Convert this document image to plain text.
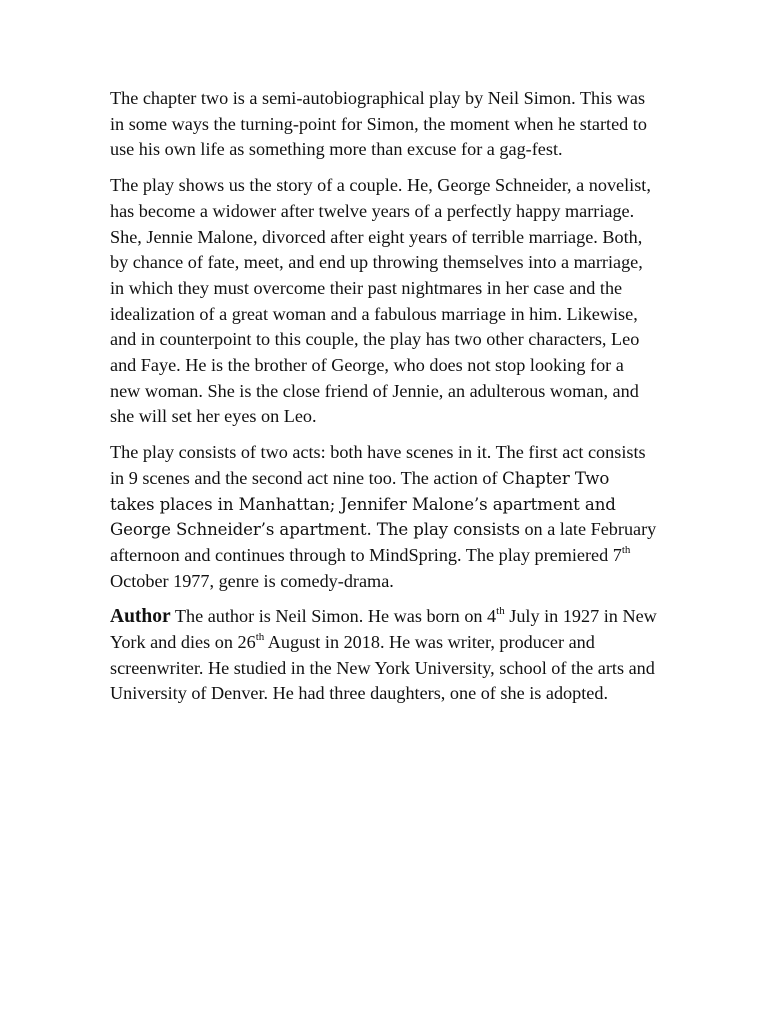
The chapter two is a semi-autobiographical play by Neil Simon. This was in some ways the turning-point for Simon, the moment when he started to use his own life as something more than excuse for a gag-fest.

The play shows us the story of a couple. He, George Schneider, a novelist, has become a widower after twelve years of a perfectly happy marriage. She, Jennie Malone, divorced after eight years of terrible marriage. Both, by chance of fate, meet, and end up throwing themselves into a marriage, in which they must overcome their past nightmares in her case and the idealization of a great woman and a fabulous marriage in him. Likewise, and in counterpoint to this couple, the play has two other characters, Leo and Faye. He is the brother of George, who does not stop looking for a new woman. She is the close friend of Jennie, an adulterous woman, and she will set her eyes on Leo.

The play consists of two acts: both have scenes in it. The first act consists in 9 scenes and the second act nine too. The action of Chapter Two takes places in Manhattan; Jennifer Malone’s apartment and George Schneider’s apartment. The play consists on a late February afternoon and continues through to MindSpring. The play premiered 7th October 1977, genre is comedy-drama.

Author The author is Neil Simon. He was born on 4th July in 1927 in New York and dies on 26th August in 2018. He was writer, producer and screenwriter. He studied in the New York University, school of the arts and University of Denver. He had three daughters, one of she is adopted.
